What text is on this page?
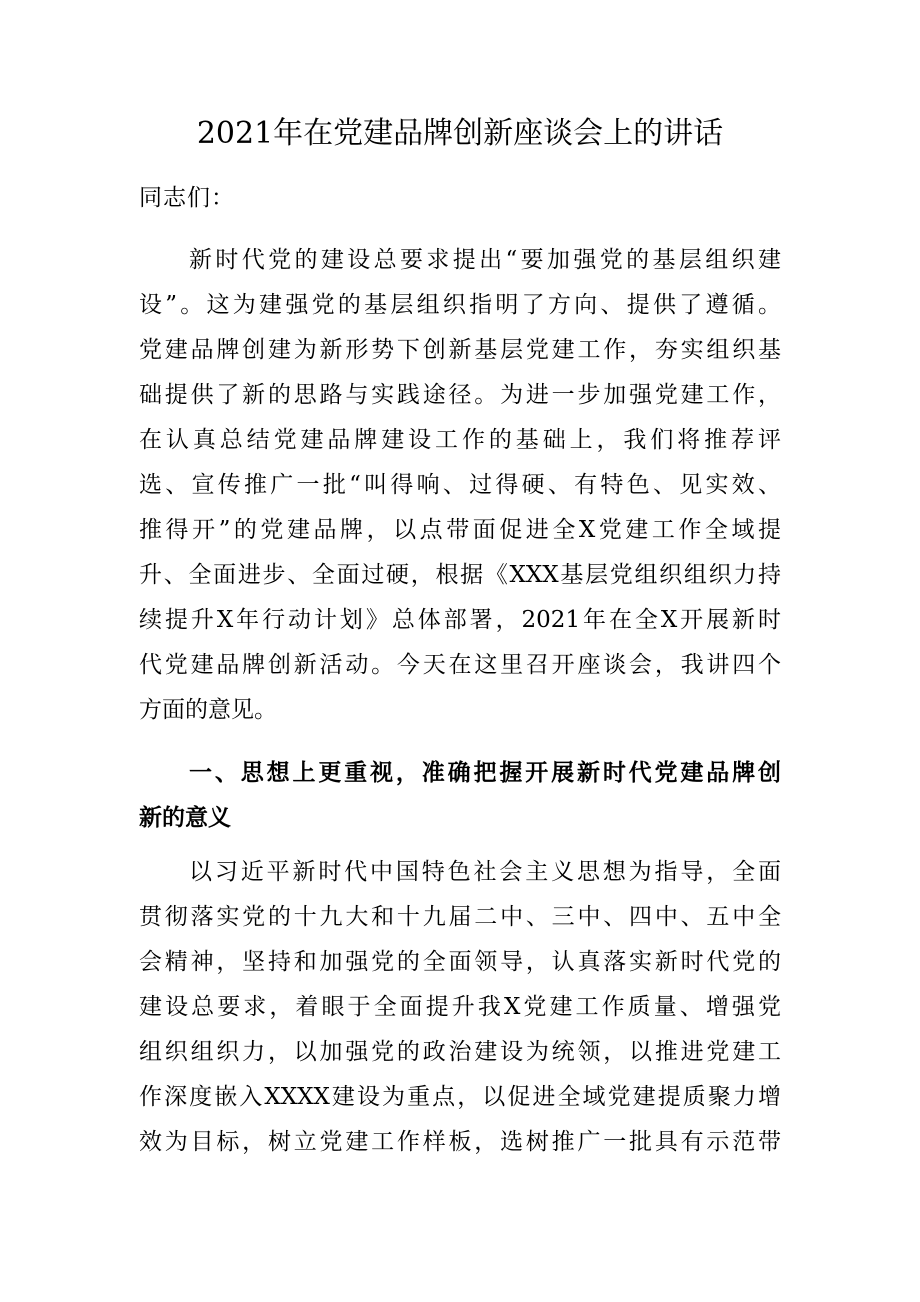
2021年在党建品牌创新座谈会上的讲话
同志们：
新时代党的建设总要求提出“要加强党的基层组织建
设”。这为建强党的基层组织指明了方向、提供了遵循。
党建品牌创建为新形势下创新基层党建工作，夯实组织基
础提供了新的思路与实践途径。为进一步加强党建工作，
在认真总结党建品牌建设工作的基础上，我们将推荐评
选、宣传推广一批“叫得响、过得硬、有特色、见实效、
推得开”的党建品牌，以点带面促进全X党建工作全域提
升、全面进步、全面过硬，根据《XXX基层党组织组织力持
续提升X年行动计划》总体部署，2021年在全X开展新时
代党建品牌创新活动。今天在这里召开座谈会，我讲四个
方面的意见。
一、思想上更重视，准确把握开展新时代党建品牌创
新的意义
以习近平新时代中国特色社会主义思想为指导，全面
贯彻落实党的十九大和十九届二中、三中、四中、五中全
会精神，坚持和加强党的全面领导，认真落实新时代党的
建设总要求，着眼于全面提升我X党建工作质量、增强党
组织组织力，以加强党的政治建设为统领，以推进党建工
作深度嵌入XXXX建设为重点，以促进全域党建提质聚力增
效为目标，树立党建工作样板，选树推广一批具有示范带
